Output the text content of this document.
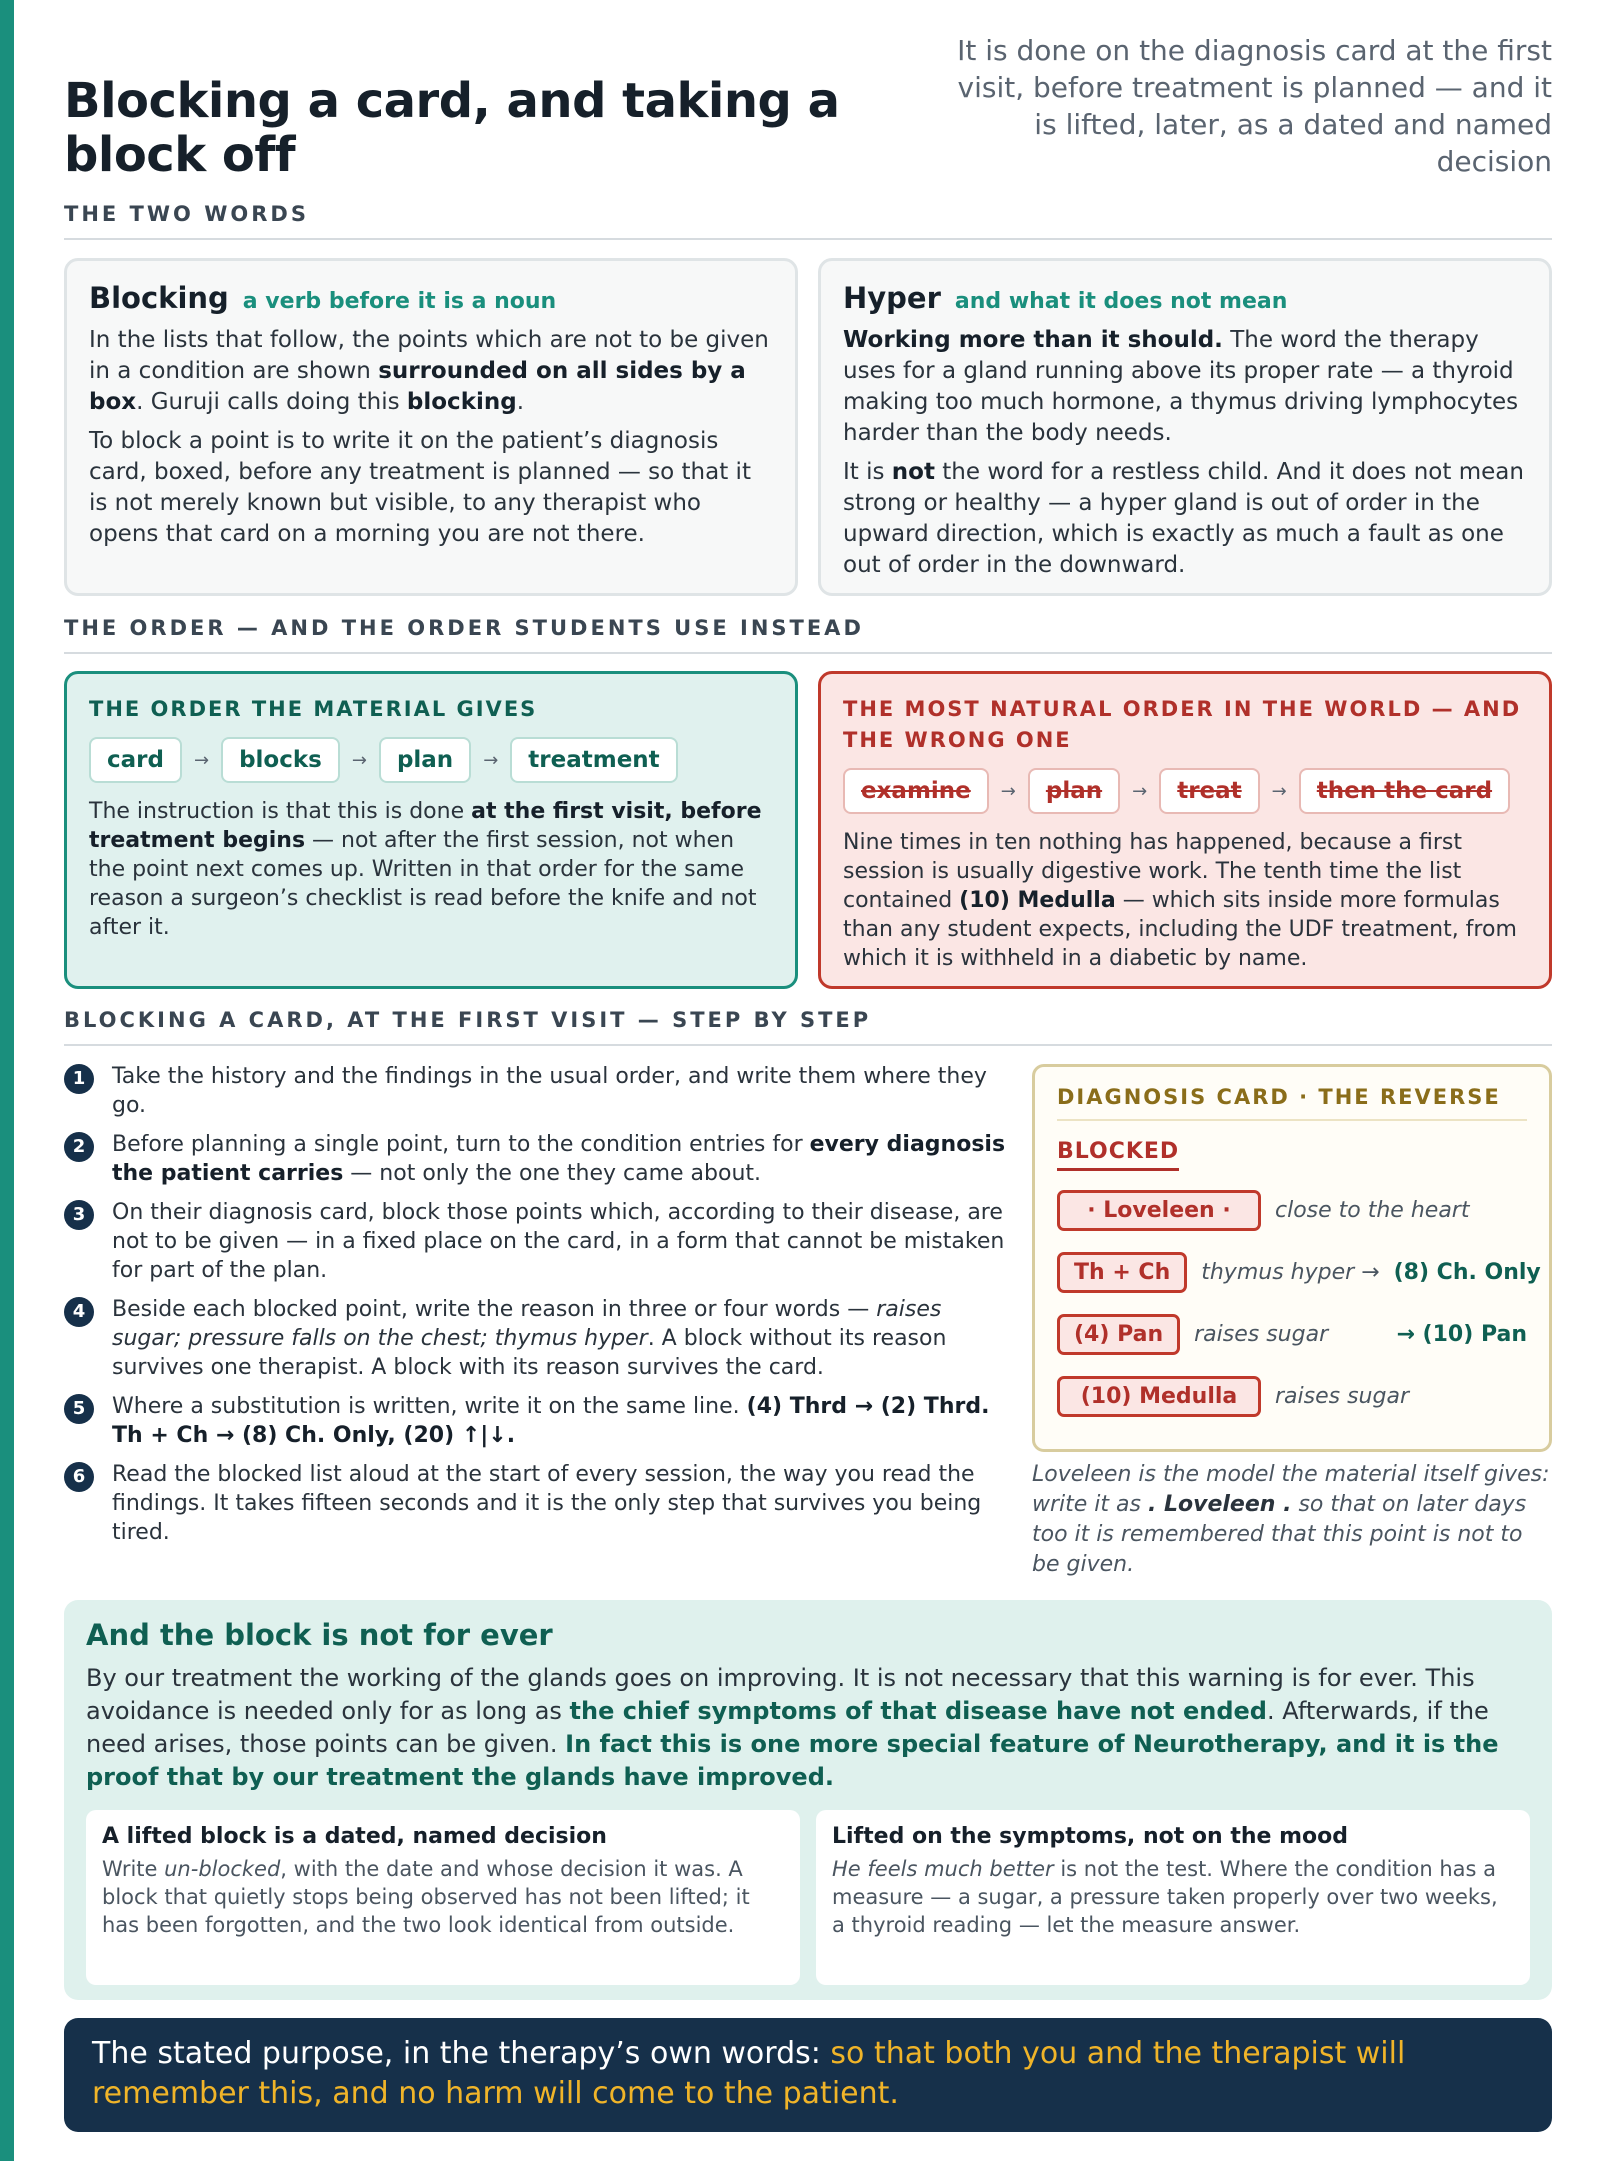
Blocking a card, and taking a block off
It is done on the diagnosis card at the first visit, before treatment is planned — and it is lifted, later, as a dated and named decision
THE TWO WORDS
Blocking a verb before it is a noun

In the lists that follow, the points which are not to be given in a condition are shown surrounded on all sides by a box. Guruji calls doing this blocking.

To block a point is to write it on the patient’s diagnosis card, boxed, before any treatment is planned — so that it is not merely known but visible, to any therapist who opens that card on a morning you are not there.

Hyper and what it does not mean

Working more than it should. The word the therapy uses for a gland running above its proper rate — a thyroid making too much hormone, a thymus driving lymphocytes harder than the body needs.

It is not the word for a restless child. And it does not mean strong or healthy — a hyper gland is out of order in the upward direction, which is exactly as much a fault as one out of order in the downward.

THE ORDER — AND THE ORDER STUDENTS USE INSTEAD
THE ORDER THE MATERIAL GIVES
card	→	blocks	→	plan	→	treatment

The instruction is that this is done at the first visit, before treatment begins — not after the first session, not when the point next comes up. Written in that order for the same reason a surgeon’s checklist is read before the knife and not after it.

THE MOST NATURAL ORDER IN THE WORLD — AND THE WRONG ONE
examine	→	plan	→	treat	→	then the card

Nine times in ten nothing has happened, because a first session is usually digestive work. The tenth time the list contained (10) Medulla — which sits inside more formulas than any student expects, including the UDF treatment, from which it is withheld in a diabetic by name.

BLOCKING A CARD, AT THE FIRST VISIT — STEP BY STEP
1	Take the history and the findings in the usual order, and write them where they go.
2	Before planning a single point, turn to the condition entries for every diagnosis the patient carries — not only the one they came about.
3	On their diagnosis card, block those points which, according to their disease, are not to be given — in a fixed place on the card, in a form that cannot be mistaken for part of the plan.
4	Beside each blocked point, write the reason in three or four words — raises sugar; pressure falls on the chest; thymus hyper. A block without its reason survives one therapist. A block with its reason survives the card.
5	Where a substitution is written, write it on the same line. (4) Thrd → (2) Thrd. Th + Ch → (8) Ch. Only, (20) ↑|↓.
6	Read the blocked list aloud at the start of every session, the way you read the findings. It takes fifteen seconds and it is the only step that survives you being tired.
DIAGNOSIS CARD · THE REVERSE
BLOCKED
· Loveleen ·	close to the heart
Th + Ch	thymus hyper → (8) Ch. Only
(4) Pan	raises sugar	→ (10) Pan
(10) Medulla	raises sugar
Loveleen is the model the material itself gives: write it as . Loveleen . so that on later days too it is remembered that this point is not to be given.
And the block is not for ever
By our treatment the working of the glands goes on improving. It is not necessary that this warning is for ever. This avoidance is needed only for as long as the chief symptoms of that disease have not ended. Afterwards, if the need arises, those points can be given. In fact this is one more special feature of Neurotherapy, and it is the proof that by our treatment the glands have improved.
A lifted block is a dated, named decision

Write un-blocked, with the date and whose decision it was. A block that quietly stops being observed has not been lifted; it has been forgotten, and the two look identical from outside.

Lifted on the symptoms, not on the mood

He feels much better is not the test. Where the condition has a measure — a sugar, a pressure taken properly over two weeks, a thyroid reading — let the measure answer.

The stated purpose, in the therapy’s own words: so that both you and the therapist will remember this, and no harm will come to the patient.
